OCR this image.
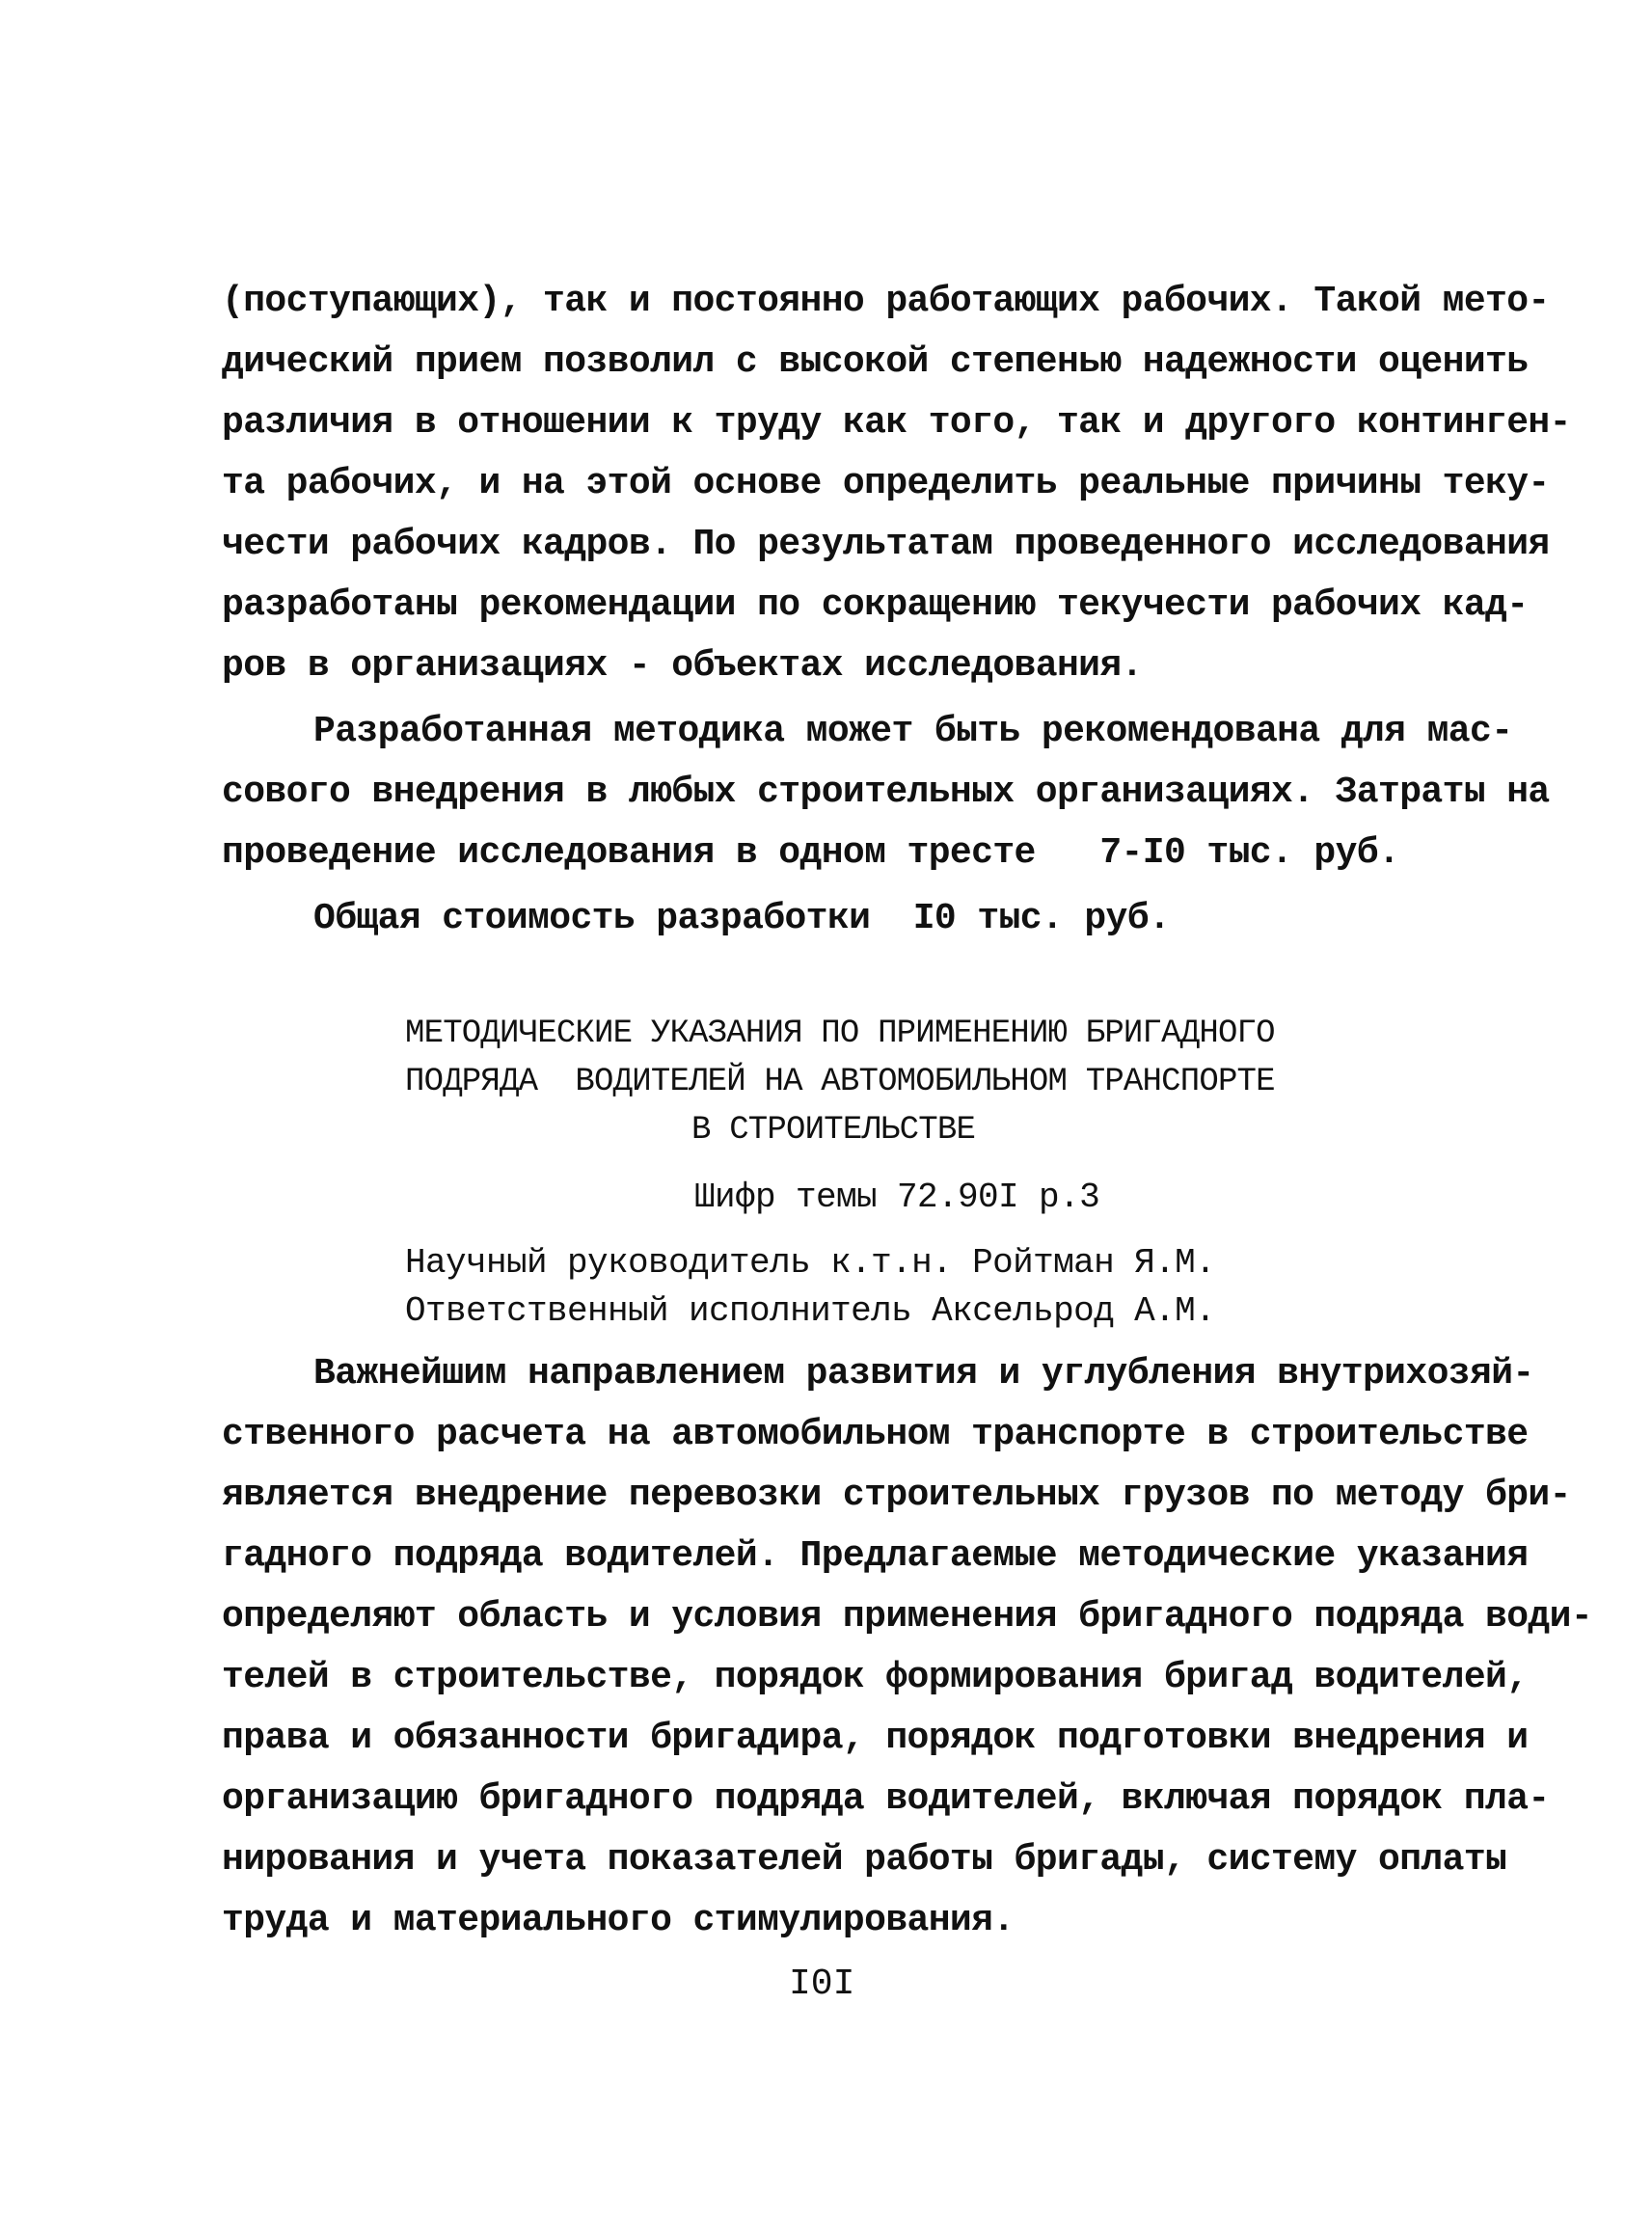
(поступающих), так и постоянно работающих рабочих. Такой мето-
дический прием позволил с высокой степенью надежности оценить
различия в отношении к труду как того, так и другого континген-
та рабочих, и на этой основе определить реальные причины теку-
чести рабочих кадров. По результатам проведенного исследования
разработаны рекомендации по сокращению текучести рабочих кад-
ров в организациях - объектах исследования.
Разработанная методика может быть рекомендована для мас-
сового внедрения в любых строительных организациях. Затраты на
проведение исследования в одном тресте   7-I0 тыс. руб.
Общая стоимость разработки  I0 тыс. руб.
МЕТОДИЧЕСКИЕ УКАЗАНИЯ ПО ПРИМЕНЕНИЮ БРИГАДНОГО
ПОДРЯДА  ВОДИТЕЛЕЙ НА АВТОМОБИЛЬНОМ ТРАНСПОРТЕ
В СТРОИТЕЛЬСТВЕ
Шифр темы 72.90I р.3
Научный руководитель к.т.н. Ройтман Я.М.
Ответственный исполнитель Аксельрод А.М.
Важнейшим направлением развития и углубления внутрихозяй-
ственного расчета на автомобильном транспорте в строительстве
является внедрение перевозки строительных грузов по методу бри-
гадного подряда водителей. Предлагаемые методические указания
определяют область и условия применения бригадного подряда води-
телей в строительстве, порядок формирования бригад водителей,
права и обязанности бригадира, порядок подготовки внедрения и
организацию бригадного подряда водителей, включая порядок пла-
нирования и учета показателей работы бригады, систему оплаты
труда и материального стимулирования.
I0I
